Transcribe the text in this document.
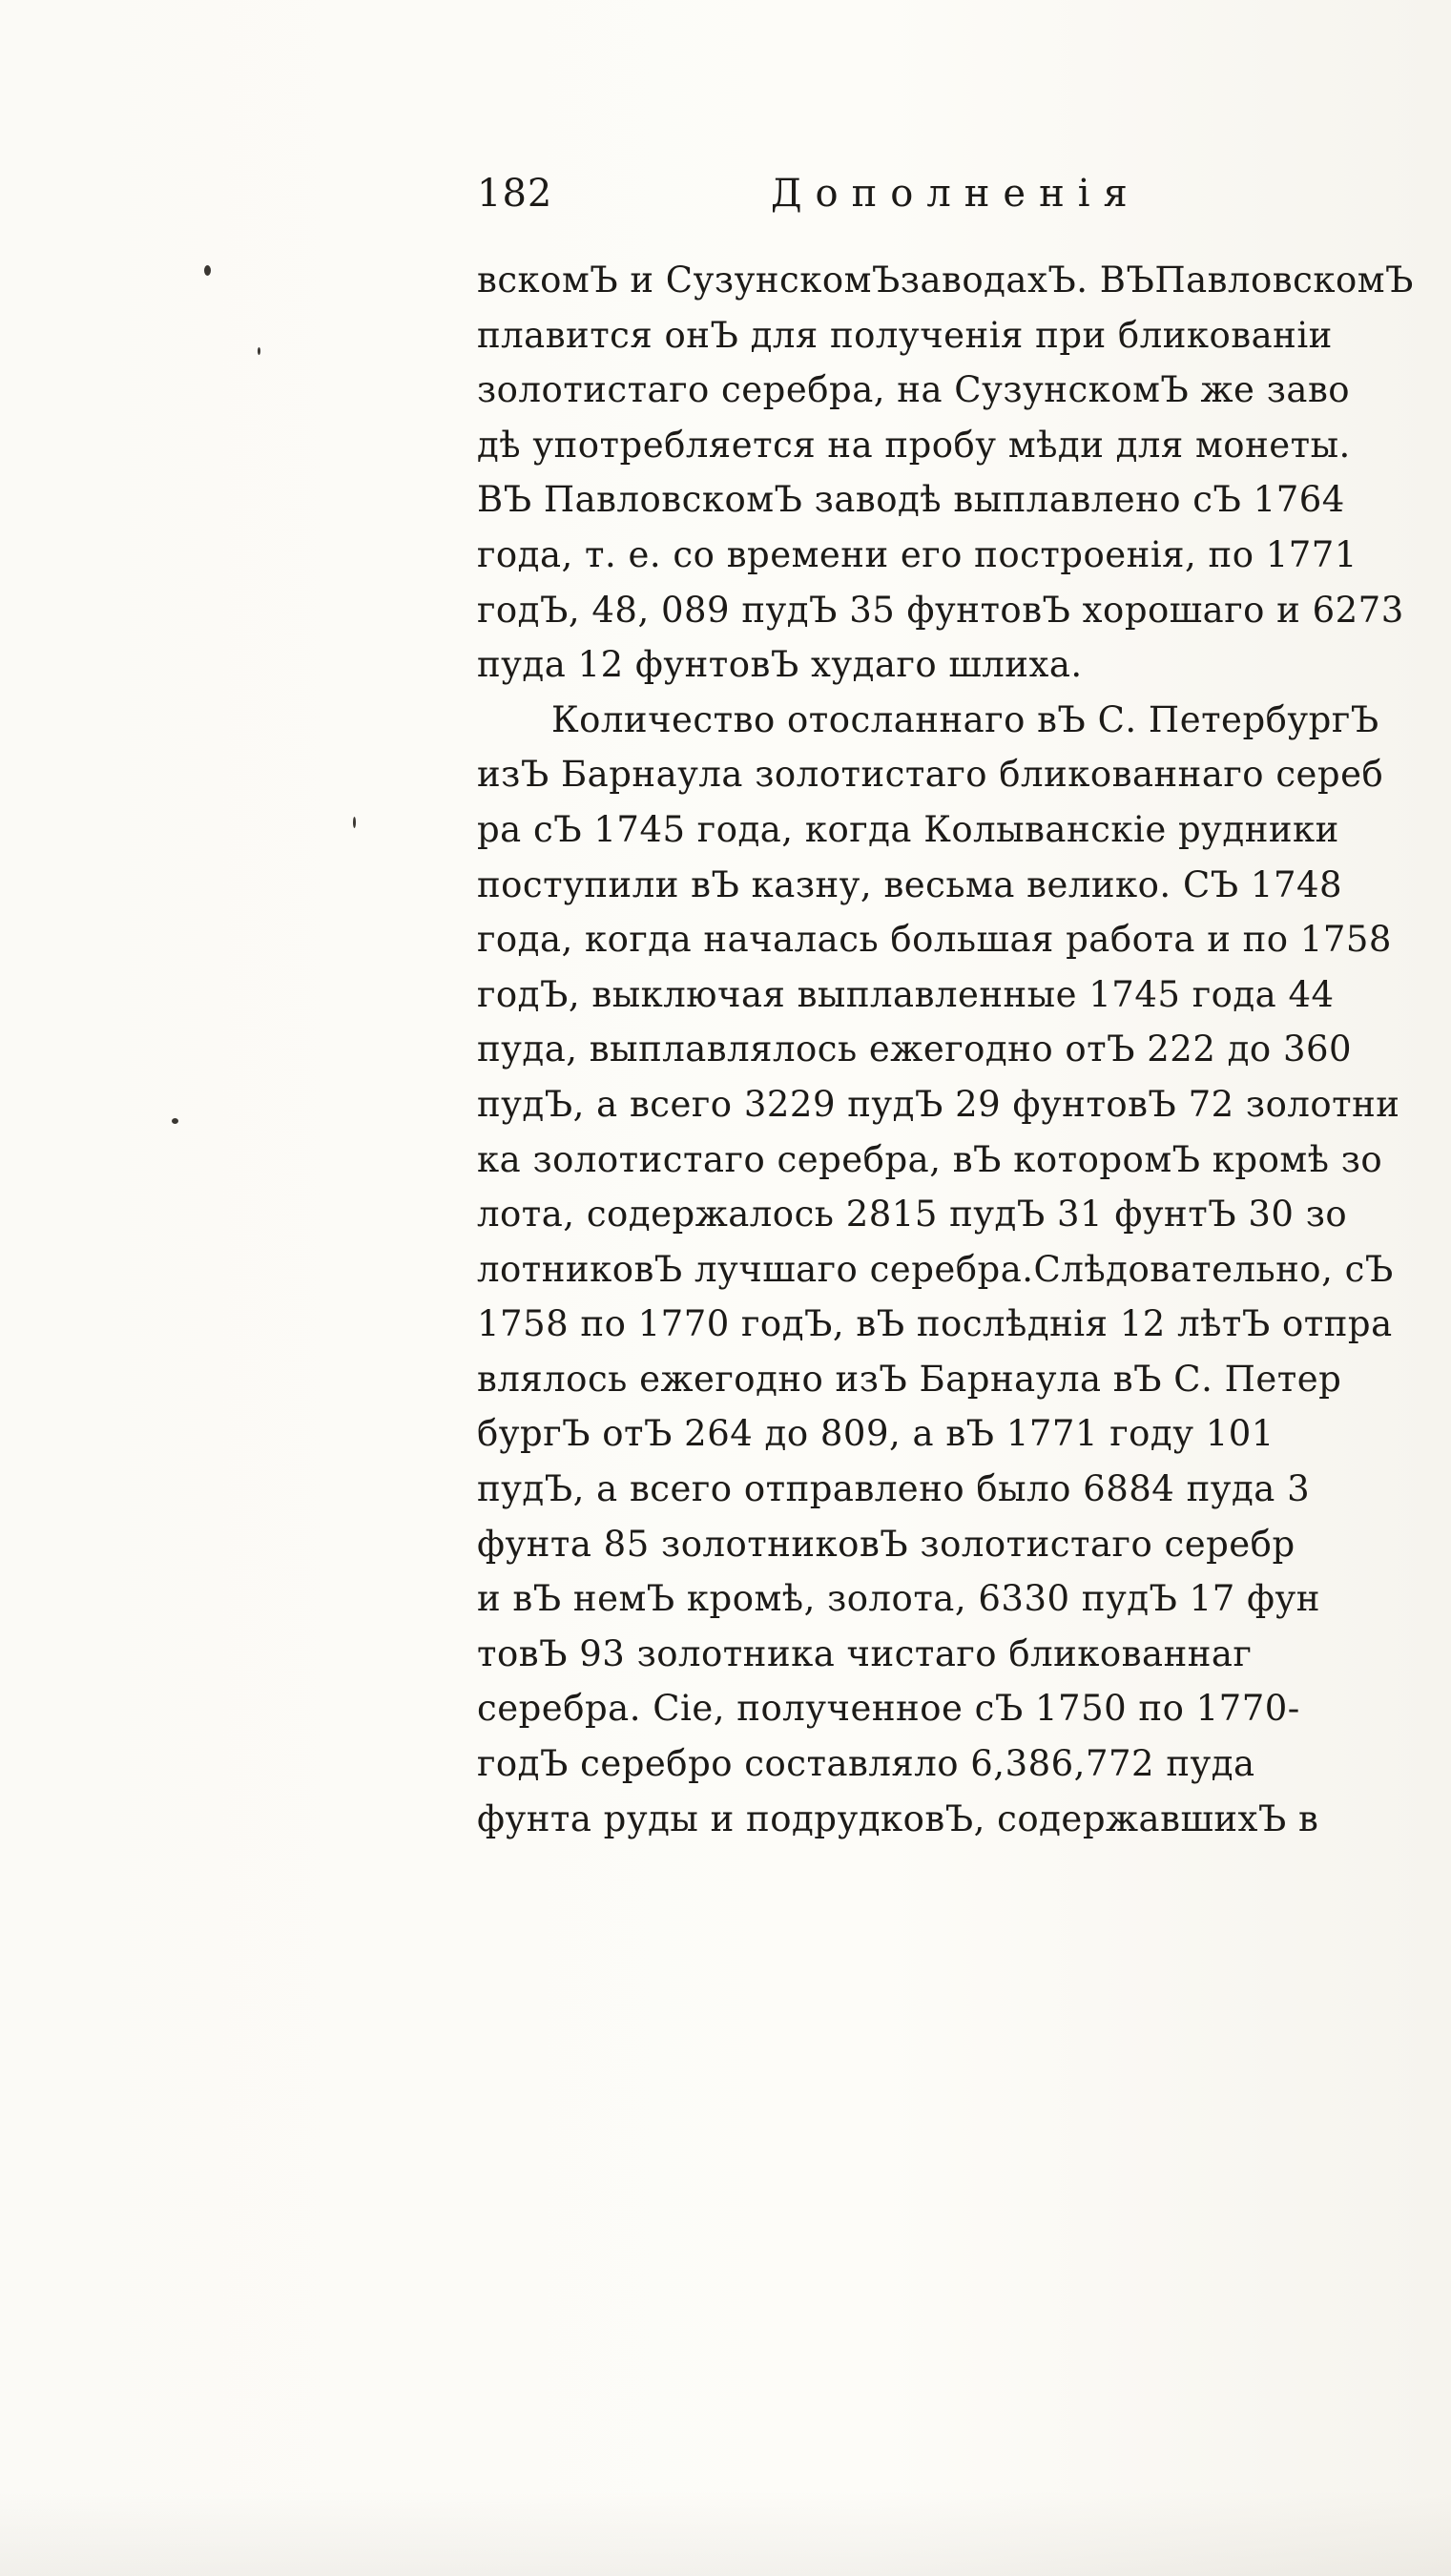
182	Дополненія
вскомЪ и СузунскомЪзаводахЪ. ВЪПавловскомЪ
плавится онЪ для полученія при бликованіи
золотистаго серебра, на СузунскомЪ же заво
дѣ употребляется на пробу мѣди для монеты.
ВЪ ПавловскомЪ заводѣ выплавлено сЪ 1764
года, т. е. со времени его построенія, по 1771
годЪ, 48, 089 пудЪ 35 фунтовЪ хорошаго и 6273
пуда 12 фунтовЪ худаго шлиха.
Количество отосланнаго вЪ С. ПетербургЪ
изЪ Барнаула золотистаго бликованнаго сереб
ра сЪ 1745 года, когда Колыванскіе рудники
поступили вЪ казну, весьма велико. СЪ 1748
года, когда началась большая работа и по 1758
годЪ, выключая выплавленные 1745 года 44
пуда, выплавлялось ежегодно отЪ 222 до 360
пудЪ, а всего 3229 пудЪ 29 фунтовЪ 72 золотни
ка золотистаго серебра, вЪ которомЪ кромѣ зо
лота, содержалось 2815 пудЪ 31 фунтЪ 30 зо
лотниковЪ лучшаго серебра.Слѣдовательно, сЪ
1758 по 1770 годЪ, вЪ послѣднія 12 лѣтЪ отпра
влялось ежегодно изЪ Барнаула вЪ С. Петер
бургЪ отЪ 264 до 809, а вЪ 1771 году 101
пудЪ, а всего отправлено было 6884 пуда 3
фунта 85 золотниковЪ золотистаго серебр
и вЪ немЪ кромѣ, золота, 6330 пудЪ 17 фун
товЪ 93 золотника чистаго бликованнаг
серебра. Сіе, полученное сЪ 1750 по 1770-
годЪ серебро составляло 6,386,772 пуда
фунта руды и подрудковЪ, содержавшихЪ в
